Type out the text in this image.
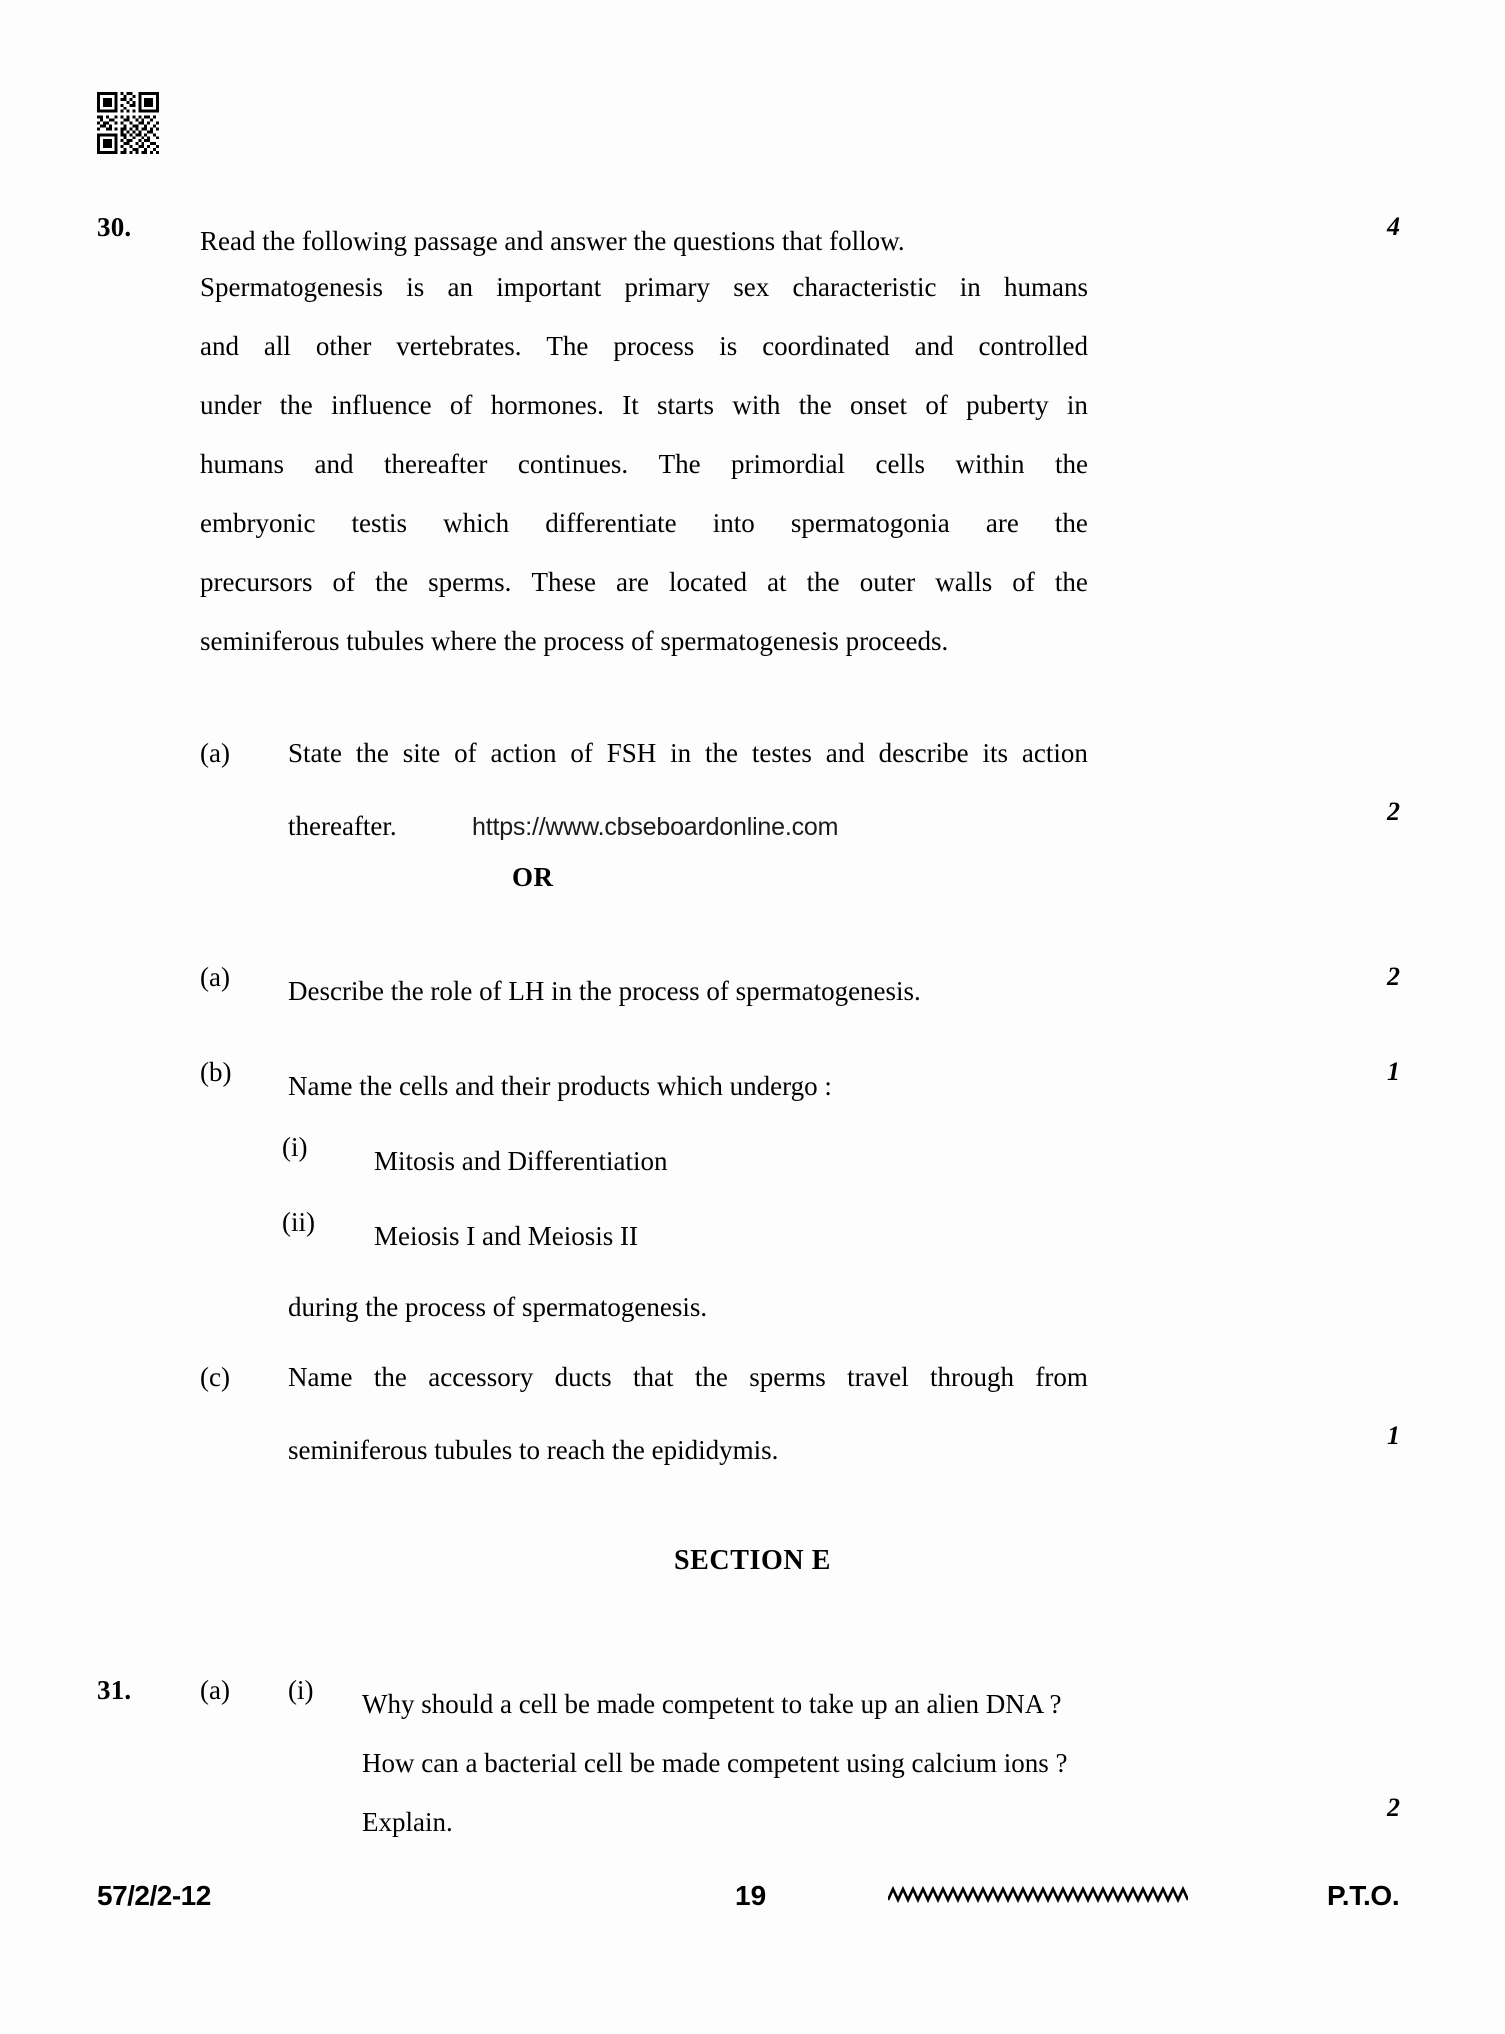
30.	Read the following passage and answer the questions that follow.	4
Spermatogenesis is an important primary sex characteristic in humans
and all other vertebrates. The process is coordinated and controlled
under the influence of hormones. It starts with the onset of puberty in
humans and thereafter continues. The primordial cells within the
embryonic testis which differentiate into spermatogonia are the
precursors of the sperms. These are located at the outer walls of the
seminiferous tubules where the process of spermatogenesis proceeds.
(a) State the site of action of FSH in the testes and describe its action
thereafter.	https://www.cbseboardonline.com
2
OR
(a) Describe the role of LH in the process of spermatogenesis.	2
(b) Name the cells and their products which undergo :	1
(i) Mitosis and Differentiation
(ii) Meiosis I and Meiosis II
during the process of spermatogenesis.
(c) Name the accessory ducts that the sperms travel through from
seminiferous tubules to reach the epididymis.	1
SECTION E
31.	(a) (i) Why should a cell be made competent to take up an alien DNA ?
How can a bacterial cell be made competent using calcium ions ?
Explain.	2
57/2/2-12	19	P.T.O.
